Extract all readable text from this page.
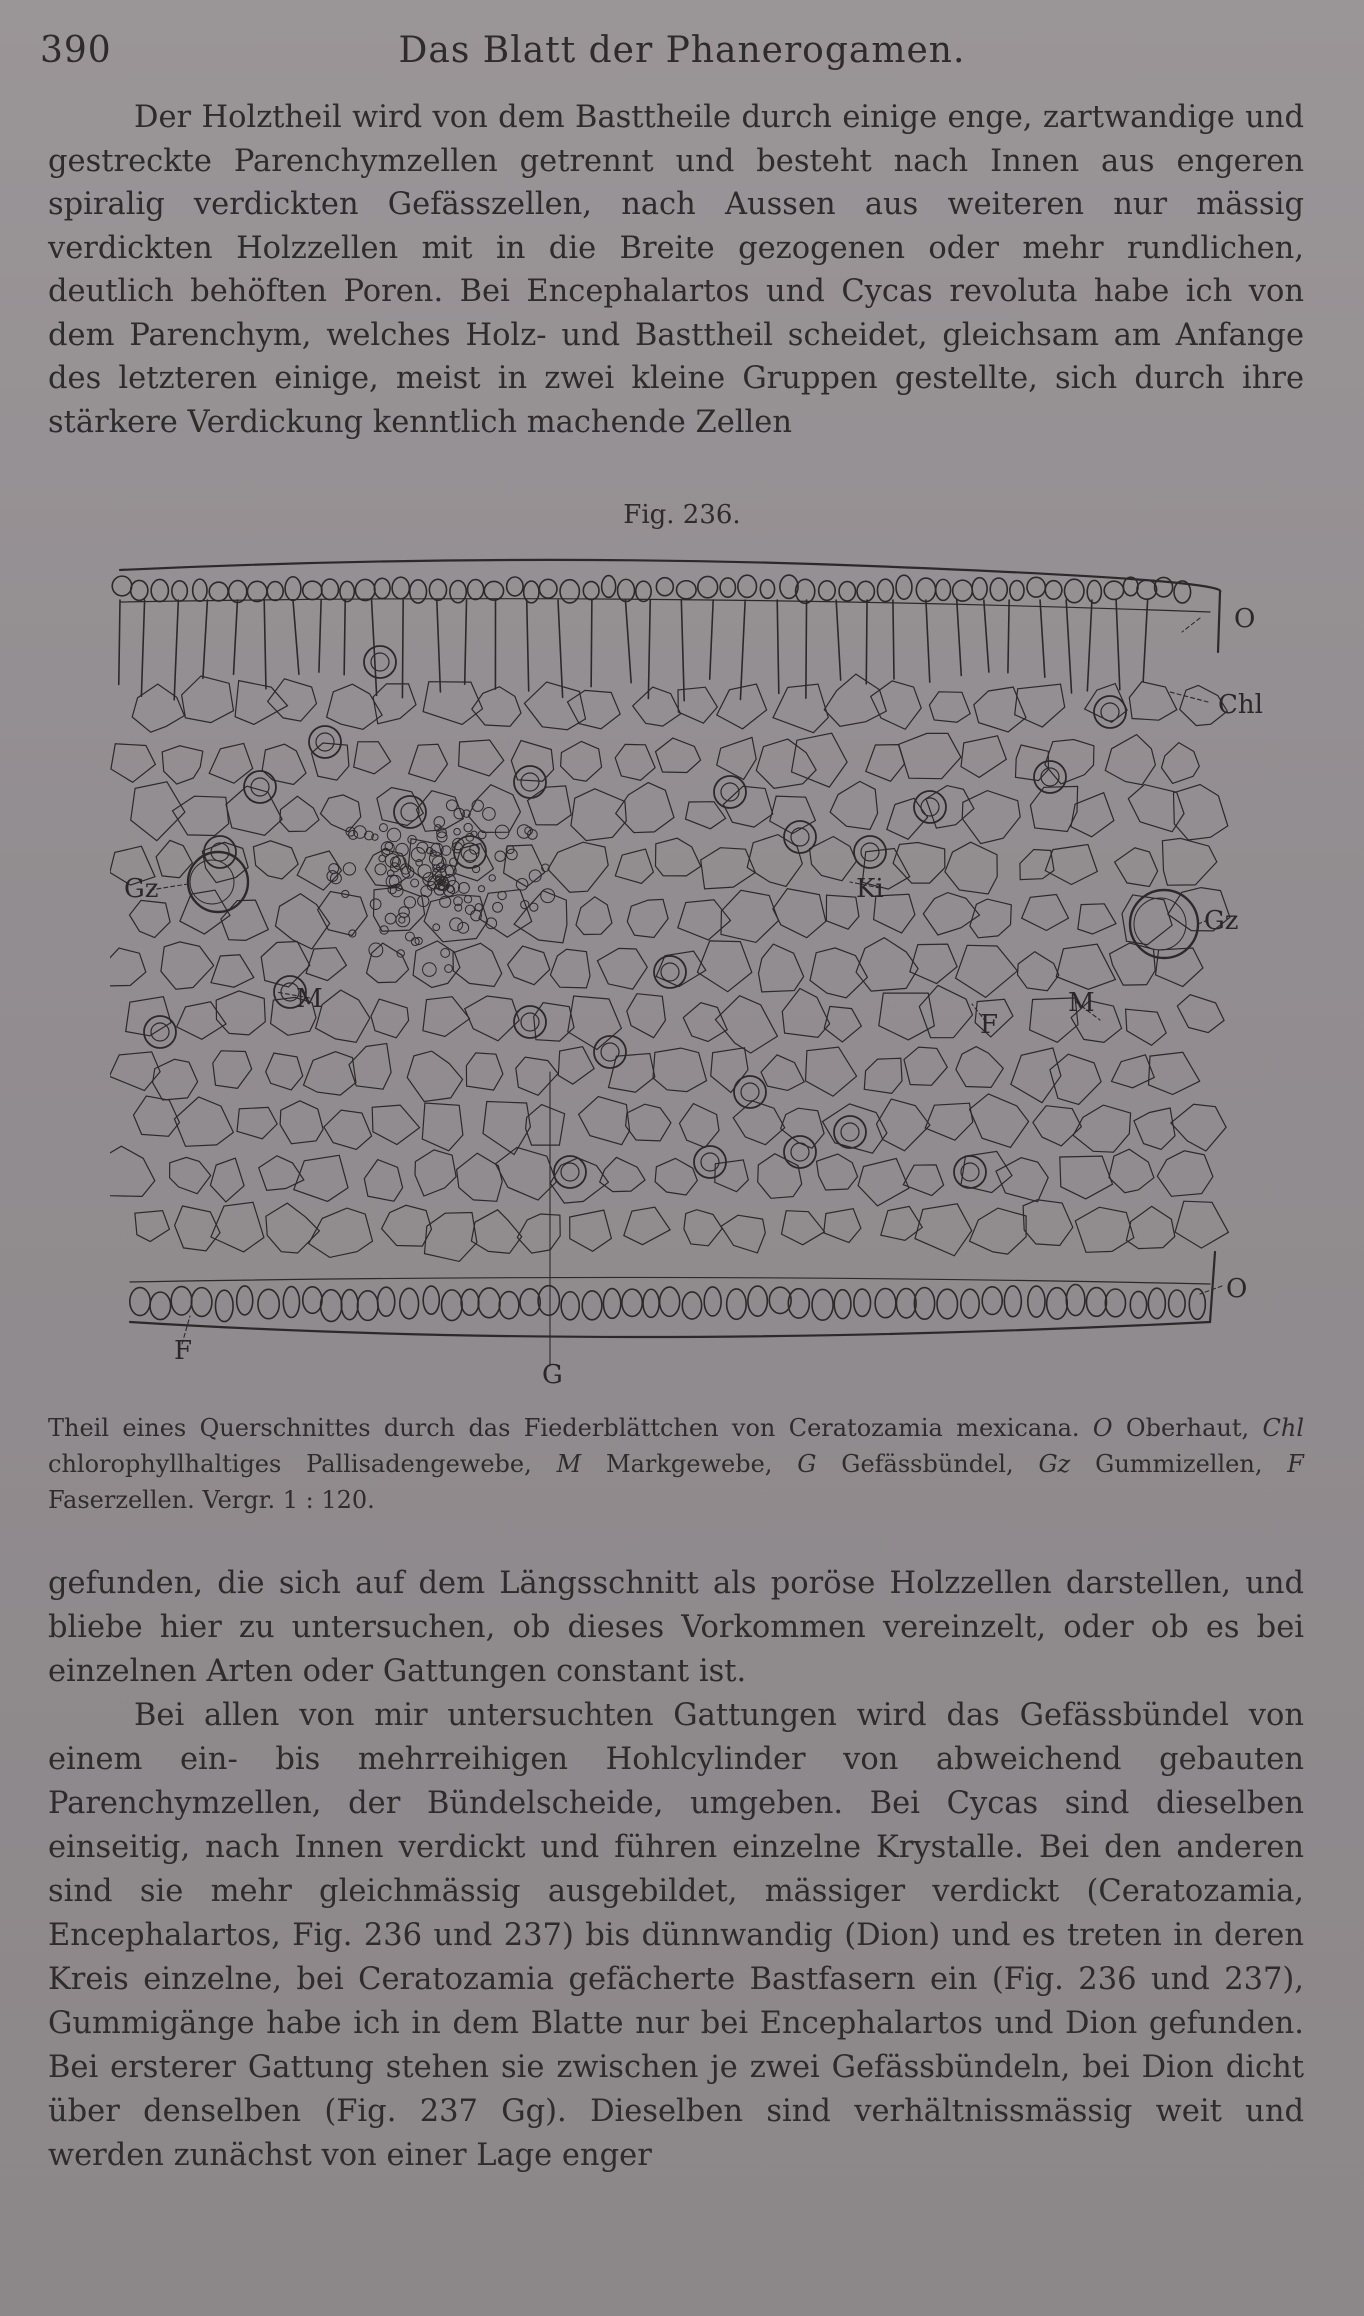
390	Das Blatt der Phanerogamen.

Der Holztheil wird von dem Basttheile durch einige enge, zartwandige und gestreckte Parenchymzellen getrennt und besteht nach Innen aus engeren spiralig verdickten Gefässzellen, nach Aussen aus weiteren nur mässig verdickten Holzzellen mit in die Breite gezogenen oder mehr rundlichen, deutlich behöften Poren. Bei Encephalartos und Cycas revoluta habe ich von dem Parenchym, welches Holz- und Basttheil scheidet, gleichsam am Anfange des letzteren einige, meist in zwei kleine Gruppen gestellte, sich durch ihre stärkere Verdickung kenntlich machende Zellen

Fig. 236.
O
Chl
Gz	Ki
Gz
M
F
M
O
F
G
Theil eines Querschnittes durch das Fiederblättchen von Ceratozamia mexicana. O Oberhaut, Chl chlorophyllhaltiges Pallisadengewebe, M Markgewebe, G Gefässbündel, Gz Gummizellen, F Faserzellen. Vergr. 1 : 120.

gefunden, die sich auf dem Längsschnitt als poröse Holzzellen darstellen, und bliebe hier zu untersuchen, ob dieses Vorkommen vereinzelt, oder ob es bei einzelnen Arten oder Gattungen constant ist.

Bei allen von mir untersuchten Gattungen wird das Gefässbündel von einem ein- bis mehrreihigen Hohlcylinder von abweichend gebauten Parenchymzellen, der Bündelscheide, umgeben. Bei Cycas sind dieselben einseitig, nach Innen verdickt und führen einzelne Krystalle. Bei den anderen sind sie mehr gleichmässig ausgebildet, mässiger verdickt (Ceratozamia, Encephalartos, Fig. 236 und 237) bis dünnwandig (Dion) und es treten in deren Kreis einzelne, bei Ceratozamia gefächerte Bastfasern ein (Fig. 236 und 237), Gummigänge habe ich in dem Blatte nur bei Encephalartos und Dion gefunden. Bei ersterer Gattung stehen sie zwischen je zwei Gefässbündeln, bei Dion dicht über denselben (Fig. 237 Gg). Dieselben sind verhältnissmässig weit und werden zunächst von einer Lage enger
